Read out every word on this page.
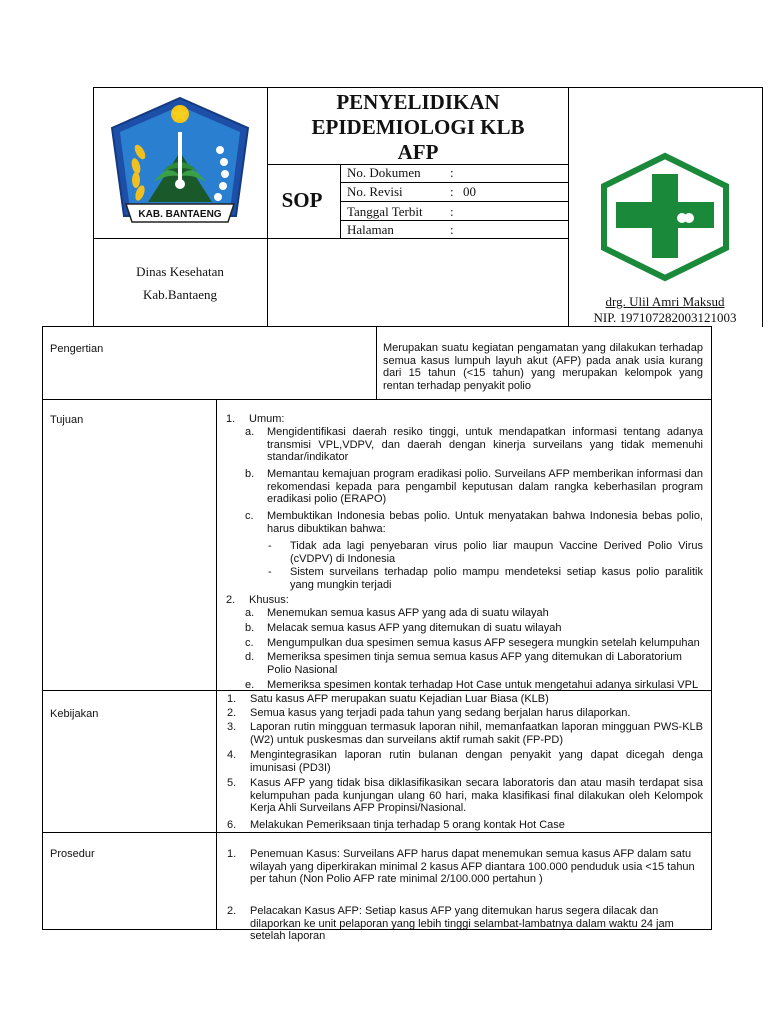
KAB. BANTAENG
PENYELIDIKAN
EPIDEMIOLOGI KLB
AFP
SOP
No. Dokumen :
No. Revisi	: 00
Tanggal Terbit :
Halaman	:
Dinas Kesehatan
Kab.Bantaeng	drg. Ulil Amri Maksud
NIP. 197107282003121003
Pengertian	Merupakan suatu kegiatan pengamatan yang dilakukan terhadap semua kasus lumpuh layuh akut (AFP) pada anak usia kurang dari 15 tahun (<15 tahun) yang merupakan kelompok yang rentan terhadap penyakit polio
Tujuan	1. Umum:
a. Mengidentifikasi daerah resiko tinggi, untuk mendapatkan informasi tentang adanya transmisi VPL,VDPV, dan daerah dengan kinerja surveilans yang tidak memenuhi standar/indikator
b. Memantau kemajuan program eradikasi polio. Surveilans AFP memberikan informasi dan rekomendasi kepada para pengambil keputusan dalam rangka keberhasilan program eradikasi polio (ERAPO)
c. Membuktikan Indonesia bebas polio. Untuk menyatakan bahwa Indonesia bebas polio, harus dibuktikan bahwa:
- Tidak ada lagi penyebaran virus polio liar maupun Vaccine Derived Polio Virus (cVDPV) di Indonesia
- Sistem surveilans terhadap polio mampu mendeteksi setiap kasus polio paralitik yang mungkin terjadi
2. Khusus:
a. Menemukan semua kasus AFP yang ada di suatu wilayah
b. Melacak semua kasus AFP yang ditemukan di suatu wilayah
c. Mengumpulkan dua spesimen semua kasus AFP sesegera mungkin setelah kelumpuhan
d. Memeriksa spesimen tinja semua semua kasus AFP yang ditemukan di Laboratorium Polio Nasional
e. Memeriksa spesimen kontak terhadap Hot Case untuk mengetahui adanya sirkulasi VPL
Kebijakan
1. Satu kasus AFP merupakan suatu Kejadian Luar Biasa (KLB)
2. Semua kasus yang terjadi pada tahun yang sedang berjalan harus dilaporkan.
3. Laporan rutin mingguan termasuk laporan nihil, memanfaatkan laporan mingguan PWS-KLB (W2) untuk puskesmas dan surveilans aktif rumah sakit (FP-PD)
4. Mengintegrasikan laporan rutin bulanan dengan penyakit yang dapat dicegah denga imunisasi (PD3I)
5. Kasus AFP yang tidak bisa diklasifikasikan secara laboratoris dan atau masih terdapat sisa kelumpuhan pada kunjungan ulang 60 hari, maka klasifikasi final dilakukan oleh Kelompok Kerja Ahli Surveilans AFP Propinsi/Nasional.
6. Melakukan Pemeriksaan tinja terhadap 5 orang kontak Hot Case
Prosedur	1. Penemuan Kasus: Surveilans AFP harus dapat menemukan semua kasus AFP dalam satu wilayah yang diperkirakan minimal 2 kasus AFP diantara 100.000 penduduk usia <15 tahun per tahun (Non Polio AFP rate minimal 2/100.000 pertahun )
2. Pelacakan Kasus AFP: Setiap kasus AFP yang ditemukan harus segera dilacak dan dilaporkan ke unit pelaporan yang lebih tinggi selambat-lambatnya dalam waktu 24 jam setelah laporan
